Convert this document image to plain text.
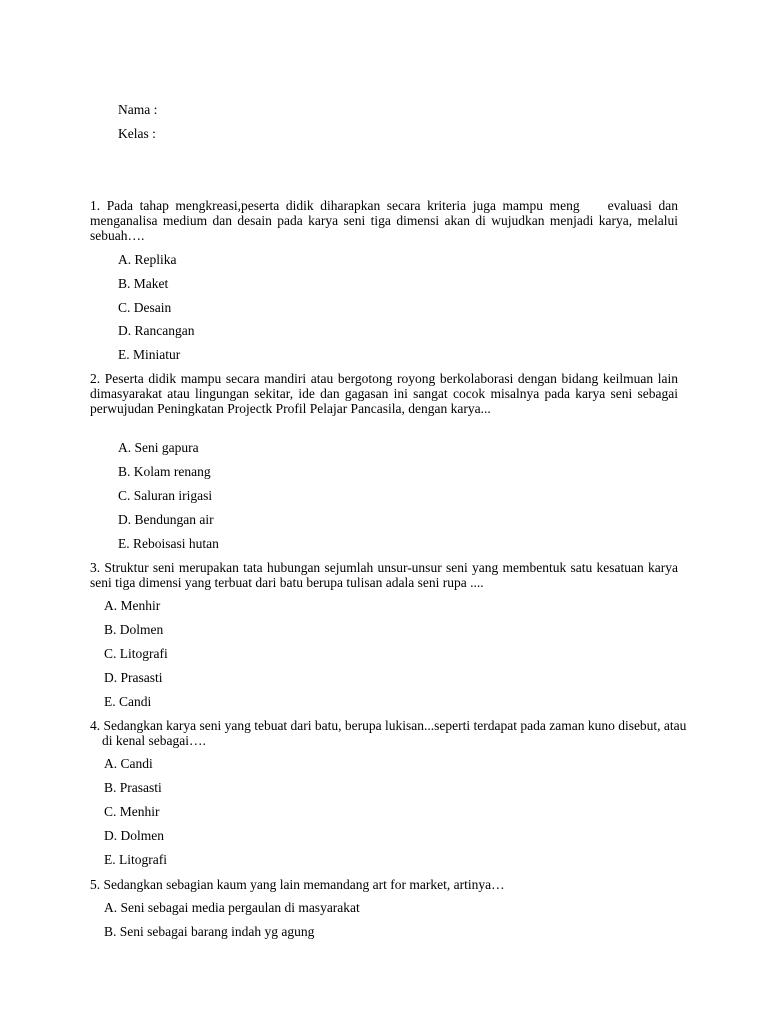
Nama :
Kelas :
1. Pada tahap mengkreasi,peserta didik diharapkan secara kriteria juga mampu meng evaluasi dan menganalisa medium dan desain pada karya seni tiga dimensi akan di wujudkan menjadi karya, melalui sebuah….
A. Replika
B. Maket
C. Desain
D. Rancangan
E. Miniatur
2. Peserta didik mampu secara mandiri atau bergotong royong berkolaborasi dengan bidang keilmuan lain dimasyarakat atau lingungan sekitar, ide dan gagasan ini sangat cocok misalnya pada karya seni sebagai perwujudan Peningkatan Projectk Profil Pelajar Pancasila, dengan karya...
A. Seni gapura
B. Kolam renang
C. Saluran irigasi
D. Bendungan air
E. Reboisasi hutan
3. Struktur seni merupakan tata hubungan sejumlah unsur-unsur seni yang membentuk satu kesatuan karya seni tiga dimensi yang terbuat dari batu berupa tulisan adala seni rupa ....
A. Menhir
B. Dolmen
C. Litografi
D. Prasasti
E. Candi
4. Sedangkan karya seni yang tebuat dari batu, berupa lukisan...seperti terdapat pada zaman kuno disebut, atau di kenal sebagai….
A. Candi
B. Prasasti
C. Menhir
D. Dolmen
E. Litografi
5. Sedangkan sebagian kaum yang lain memandang art for market, artinya…
A. Seni sebagai media pergaulan di masyarakat
B. Seni sebagai barang indah yg agung
